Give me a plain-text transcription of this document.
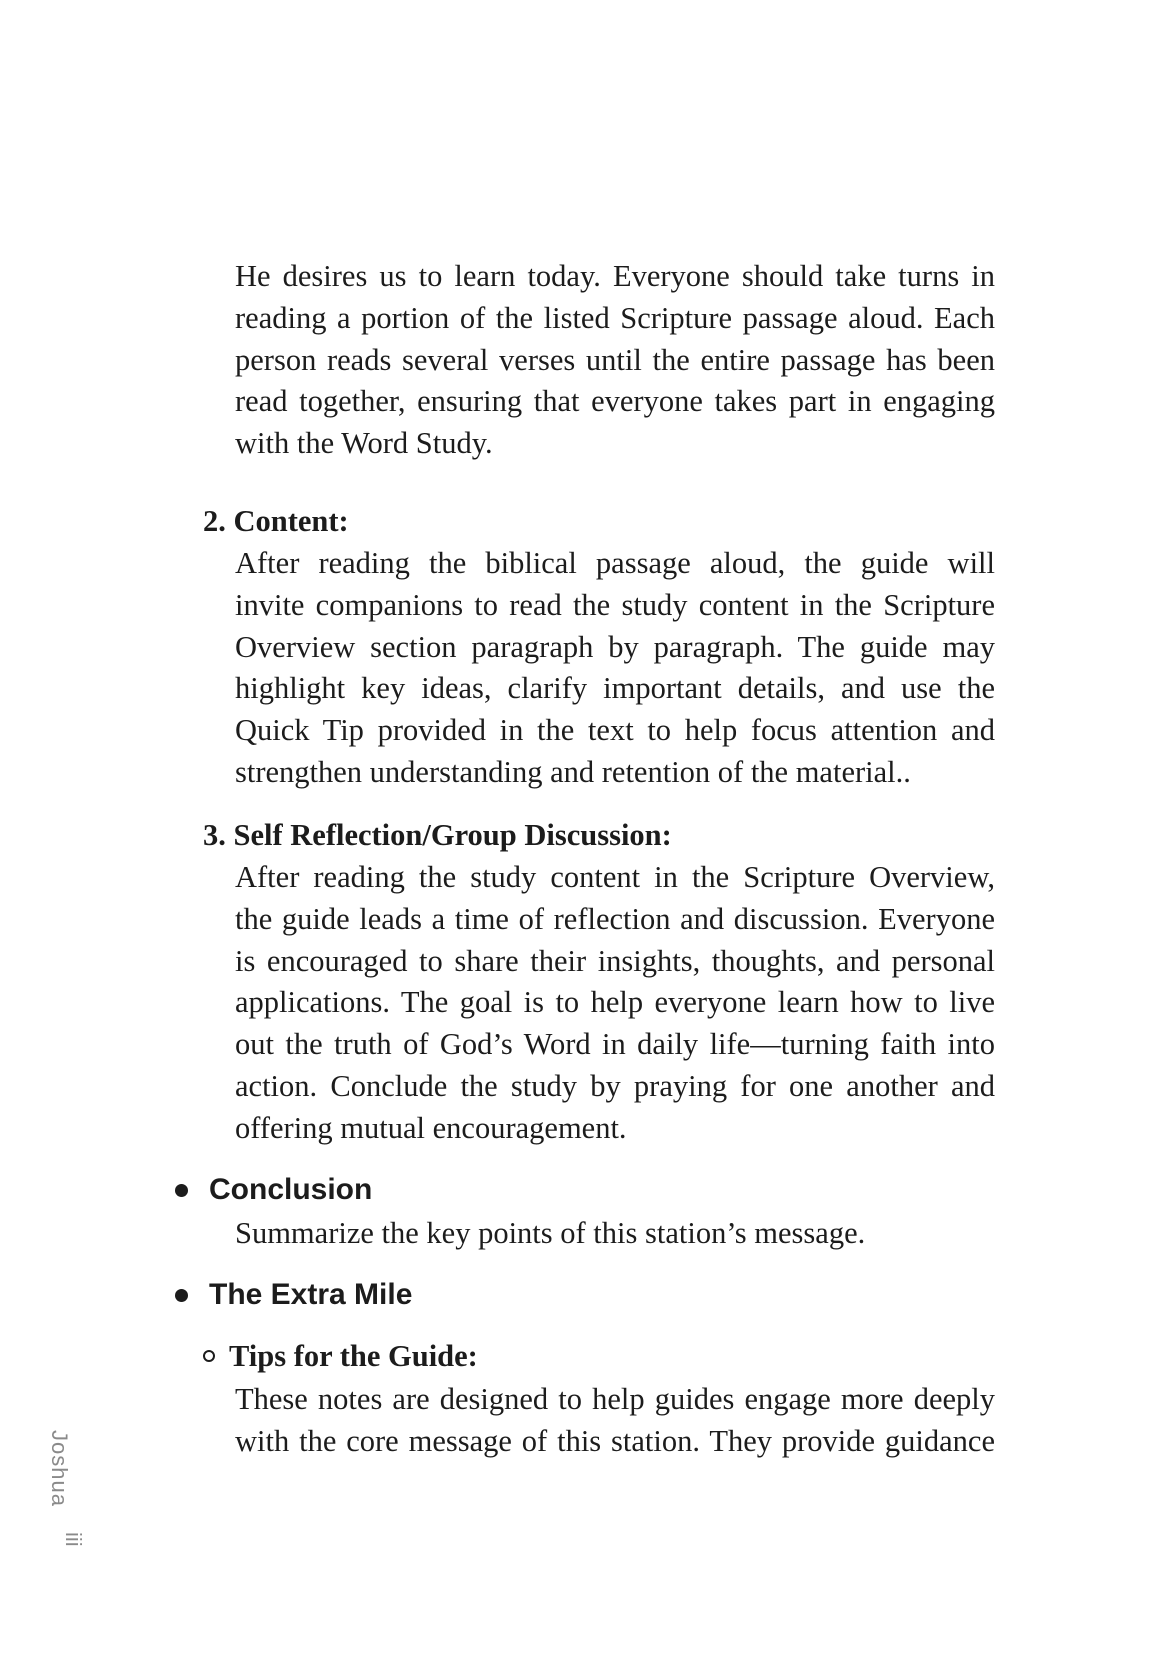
He desires us to learn today. Everyone should take turns in
reading a portion of the listed Scripture passage aloud. Each
person reads several verses until the entire passage has been
read together, ensuring that everyone takes part in engaging
with the Word Study.
2. Content:
After reading the biblical passage aloud, the guide will
invite companions to read the study content in the Scripture
Overview section paragraph by paragraph. The guide may
highlight key ideas, clarify important details, and use the
Quick Tip provided in the text to help focus attention and
strengthen understanding and retention of the material..
3. Self Reflection/Group Discussion:
After reading the study content in the Scripture Overview,
the guide leads a time of reflection and discussion. Everyone
is encouraged to share their insights, thoughts, and personal
applications. The goal is to help everyone learn how to live
out the truth of God’s Word in daily life—turning faith into
action. Conclude the study by praying for one another and
offering mutual encouragement.
Conclusion
Summarize the key points of this station’s message.
The Extra Mile
Tips for the Guide:
These notes are designed to help guides engage more deeply
with the core message of this station. They provide guidance
Joshua
iii
